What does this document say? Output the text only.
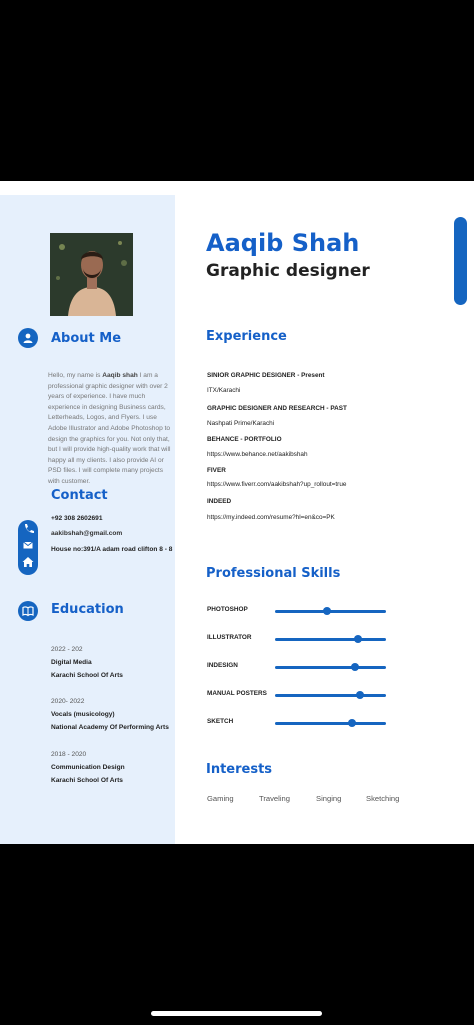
About Me
Hello, my name is Aaqib shah I am a professional graphic designer with over 2 years of experience. I have much experience in designing Business cards, Letterheads, Logos, and Flyers. I use Adobe Illustrator and Adobe Photoshop to design the graphics for you. Not only that, but I will provide high-quality work that will happy all my clients. I also provide AI or PSD files. I will complete many projects with customer.
Contact
+92 308 2602691
aakibshah@gmail.com
House no:391/A adam road clifton 8 - 8
Education
2022 - 202
Digital Media
Karachi School Of Arts
2020- 2022
Vocals (musicology)
National Academy Of Performing Arts
2018 - 2020
Communication Design
Karachi School Of Arts
Aaqib Shah
Graphic designer
Experience
SINIOR GRAPHIC DESIGNER - Present
ITX/Karachi
GRAPHIC DESIGNER AND RESEARCH - PAST
Nashpati Prime/Karachi
BEHANCE - PORTFOLIO
https://www.behance.net/aakibshah
FIVER
https://www.fiverr.com/aakibshah?up_rollout=true
INDEED
https://my.indeed.com/resume?hl=en&co=PK
Professional Skills
PHOTOSHOP
ILLUSTRATOR
INDESIGN
MANUAL POSTERS
SKETCH
Interests
Gaming	Traveling	Singing	Sketching
